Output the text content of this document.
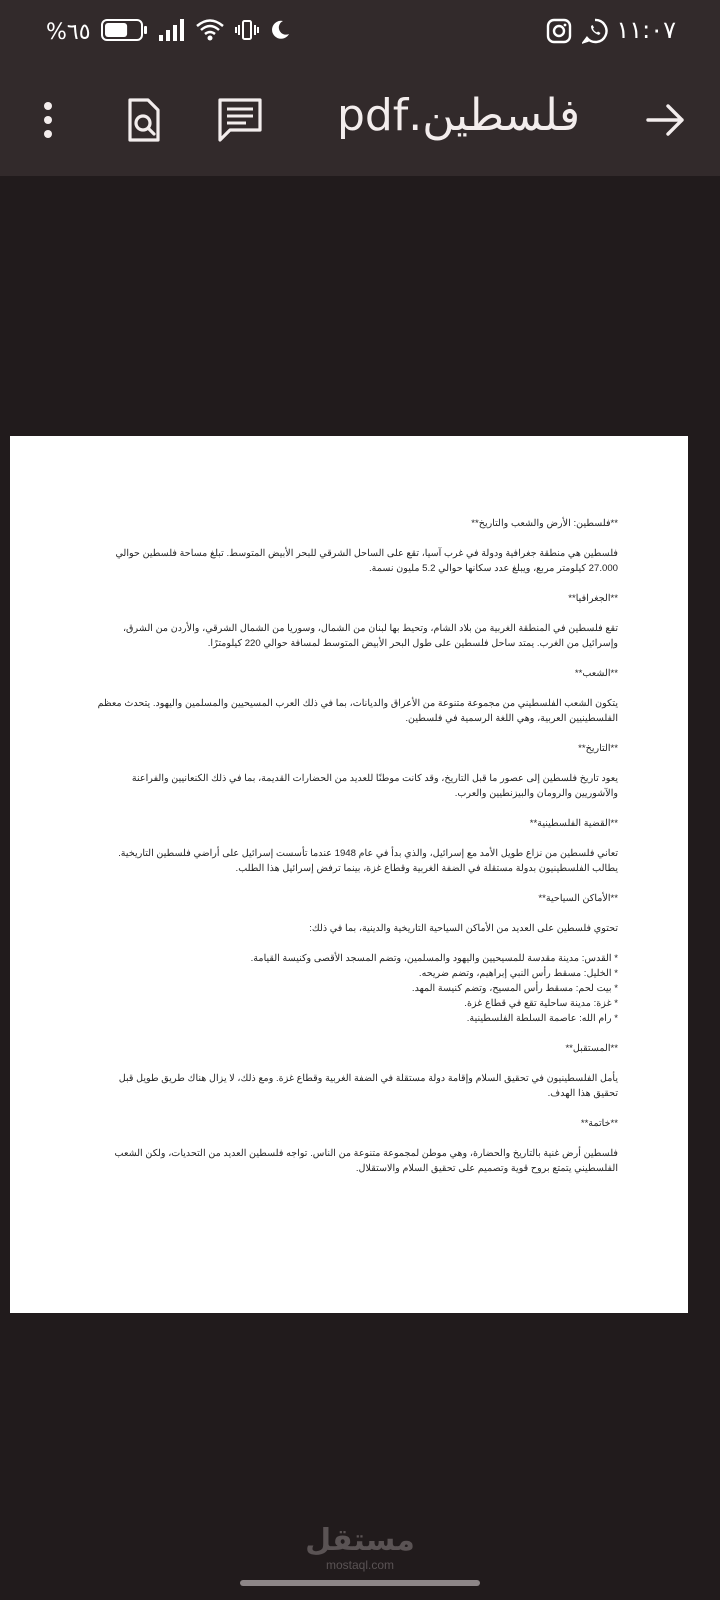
%٦٥	١١:٠٧
فلسطين.pdf

**فلسطين: الأرض والشعب والتاريخ**

فلسطين هي منطقة جغرافية ودولة في غرب آسيا، تقع على الساحل الشرقي للبحر الأبيض المتوسط. تبلغ مساحة فلسطين حوالي 27.000 كيلومتر مربع، ويبلغ عدد سكانها حوالي 5.2 مليون نسمة.

**الجغرافيا**

تقع فلسطين في المنطقة الغربية من بلاد الشام، وتحيط بها لبنان من الشمال، وسوريا من الشمال الشرقي، والأردن من الشرق، وإسرائيل من الغرب. يمتد ساحل فلسطين على طول البحر الأبيض المتوسط لمسافة حوالي 220 كيلومترًا.

**الشعب**

يتكون الشعب الفلسطيني من مجموعة متنوعة من الأعراق والديانات، بما في ذلك العرب المسيحيين والمسلمين واليهود. يتحدث معظم الفلسطينيين العربية، وهي اللغة الرسمية في فلسطين.

**التاريخ**

يعود تاريخ فلسطين إلى عصور ما قبل التاريخ، وقد كانت موطنًا للعديد من الحضارات القديمة، بما في ذلك الكنعانيين والفراعنة والآشوريين والرومان والبيزنطيين والعرب.

**القضية الفلسطينية**

تعاني فلسطين من نزاع طويل الأمد مع إسرائيل، والذي بدأ في عام 1948 عندما تأسست إسرائيل على أراضي فلسطين التاريخية. يطالب الفلسطينيون بدولة مستقلة في الضفة الغربية وقطاع غزة، بينما ترفض إسرائيل هذا الطلب.

**الأماكن السياحية**

تحتوي فلسطين على العديد من الأماكن السياحية التاريخية والدينية، بما في ذلك:

* القدس: مدينة مقدسة للمسيحيين واليهود والمسلمين، وتضم المسجد الأقصى وكنيسة القيامة.
* الخليل: مسقط رأس النبي إبراهيم، وتضم ضريحه.
* بيت لحم: مسقط رأس المسيح، وتضم كنيسة المهد.
* غزة: مدينة ساحلية تقع في قطاع غزة.
* رام الله: عاصمة السلطة الفلسطينية.

**المستقبل**

يأمل الفلسطينيون في تحقيق السلام وإقامة دولة مستقلة في الضفة الغربية وقطاع غزة. ومع ذلك، لا يزال هناك طريق طويل قبل تحقيق هذا الهدف.

**خاتمة**

فلسطين أرض غنية بالتاريخ والحضارة، وهي موطن لمجموعة متنوعة من الناس. تواجه فلسطين العديد من التحديات، ولكن الشعب الفلسطيني يتمتع بروح قوية وتصميم على تحقيق السلام والاستقلال.

مستقل
mostaql.com
